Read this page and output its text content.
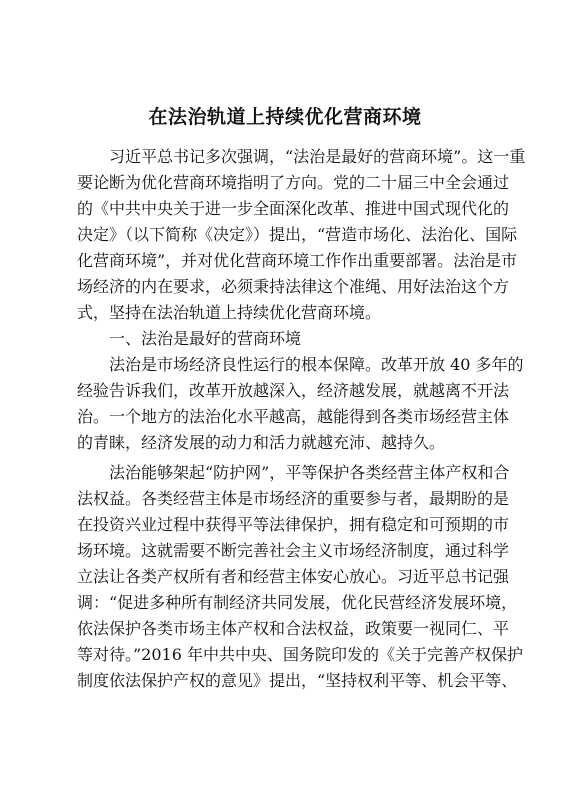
在法治轨道上持续优化营商环境
　　习近平总书记多次强调，“法治是最好的营商环境”。这一重
要论断为优化营商环境指明了方向。党的二十届三中全会通过
的《中共中央关于进一步全面深化改革、推进中国式现代化的
决定》（以下简称《决定》）提出，“营造市场化、法治化、国际
化营商环境”，并对优化营商环境工作作出重要部署。法治是市
场经济的内在要求，必须秉持法律这个准绳、用好法治这个方
式，坚持在法治轨道上持续优化营商环境。
　　一、法治是最好的营商环境
　　法治是市场经济良性运行的根本保障。改革开放 40 多年的
经验告诉我们，改革开放越深入，经济越发展，就越离不开法
治。一个地方的法治化水平越高，越能得到各类市场经营主体
的青睐，经济发展的动力和活力就越充沛、越持久。
　　法治能够架起“防护网”，平等保护各类经营主体产权和合
法权益。各类经营主体是市场经济的重要参与者，最期盼的是
在投资兴业过程中获得平等法律保护，拥有稳定和可预期的市
场环境。这就需要不断完善社会主义市场经济制度，通过科学
立法让各类产权所有者和经营主体安心放心。习近平总书记强
调：“促进多种所有制经济共同发展，优化民营经济发展环境，
依法保护各类市场主体产权和合法权益，政策要一视同仁、平
等对待。”2016 年中共中央、国务院印发的《关于完善产权保护
制度依法保护产权的意见》提出，“坚持权利平等、机会平等、
